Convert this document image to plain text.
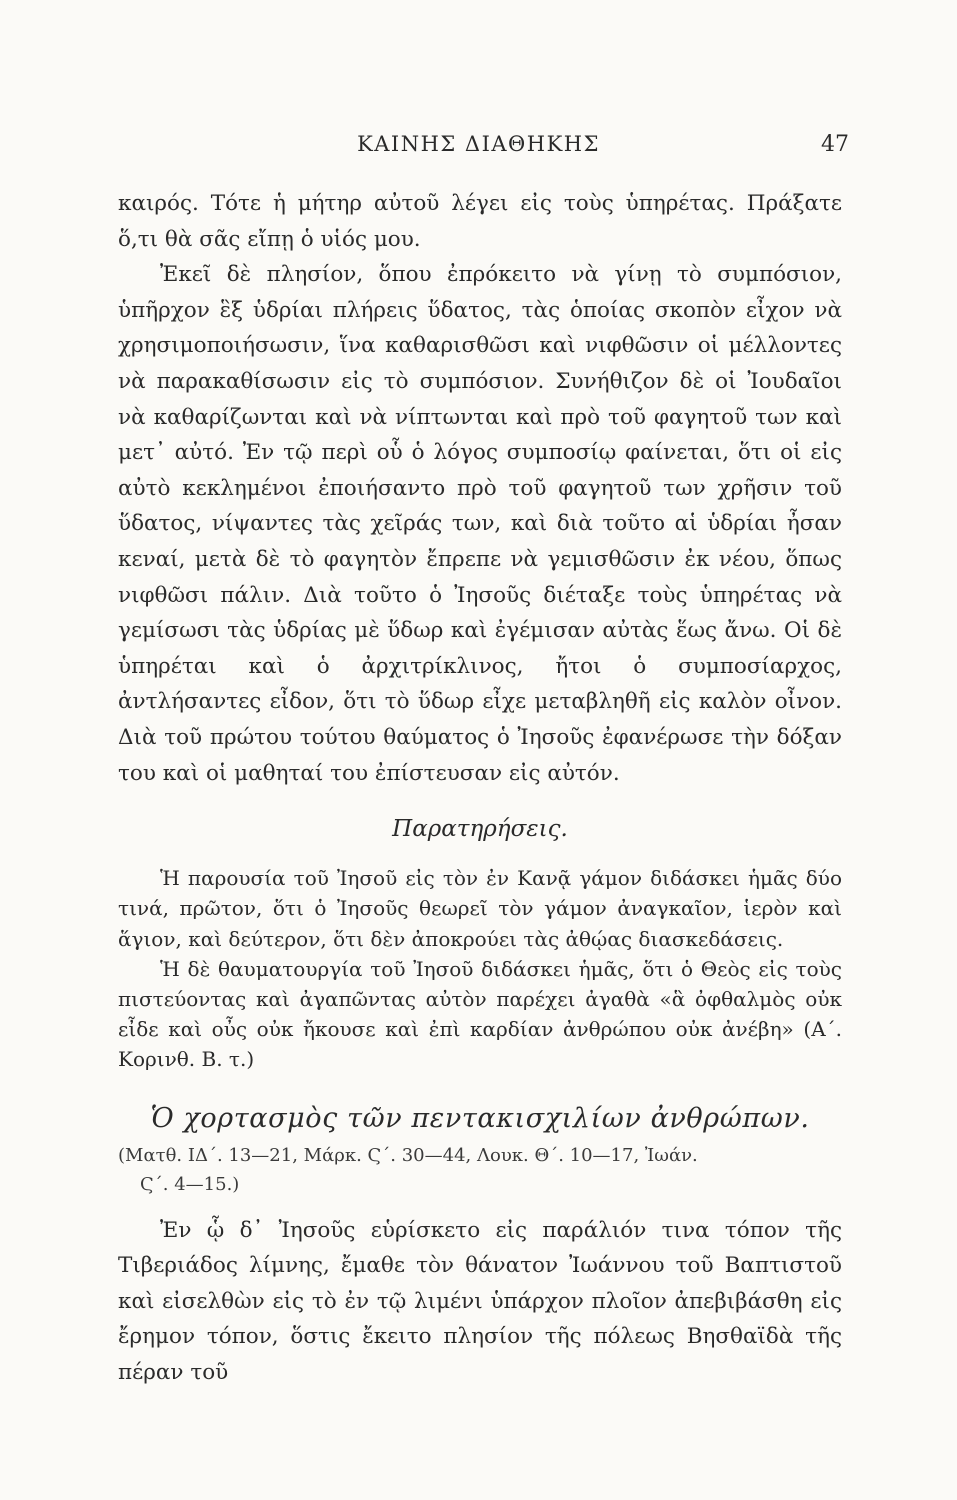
ΚΑΙΝΗΣ ΔΙΑΘΗΚΗΣ	47

καιρός. Τότε ἡ μήτηρ αὐτοῦ λέγει εἰς τοὺς ὑπηρέτας. Πράξατε ὅ,τι θὰ σᾶς εἴπῃ ὁ υἱός μου.

Ἐκεῖ δὲ πλησίον, ὅπου ἐπρόκειτο νὰ γίνῃ τὸ συμπόσιον, ὑπῆρχον ἓξ ὑδρίαι πλήρεις ὕδατος, τὰς ὁποίας σκοπὸν εἶχον νὰ χρησιμοποιήσωσιν, ἵνα καθαρισθῶσι καὶ νιφθῶσιν οἱ μέλλοντες νὰ παρακαθίσωσιν εἰς τὸ συμπόσιον. Συνήθιζον δὲ οἱ Ἰουδαῖοι νὰ καθαρίζωνται καὶ νὰ νίπτωνται καὶ πρὸ τοῦ φαγητοῦ των καὶ μετ᾽ αὐτό. Ἐν τῷ περὶ οὗ ὁ λόγος συμποσίῳ φαίνεται, ὅτι οἱ εἰς αὐτὸ κεκλημένοι ἐποιήσαντο πρὸ τοῦ φαγητοῦ των χρῆσιν τοῦ ὕδατος, νίψαντες τὰς χεῖράς των, καὶ διὰ τοῦτο αἱ ὑδρίαι ἦσαν κεναί, μετὰ δὲ τὸ φαγητὸν ἔπρεπε νὰ γεμισθῶσιν ἐκ νέου, ὅπως νιφθῶσι πάλιν. Διὰ τοῦτο ὁ Ἰησοῦς διέταξε τοὺς ὑπηρέτας νὰ γεμίσωσι τὰς ὑδρίας μὲ ὕδωρ καὶ ἐγέμισαν αὐτὰς ἕως ἄνω. Οἱ δὲ ὑπηρέται καὶ ὁ ἀρχιτρίκλινος, ἤτοι ὁ συμποσίαρχος, ἀντλήσαντες εἶδον, ὅτι τὸ ὕδωρ εἶχε μεταβληθῆ εἰς καλὸν οἶνον. Διὰ τοῦ πρώτου τούτου θαύματος ὁ Ἰησοῦς ἐφανέρωσε τὴν δόξαν του καὶ οἱ μαθηταί του ἐπίστευσαν εἰς αὐτόν.

Παρατηρήσεις.

Ἡ παρουσία τοῦ Ἰησοῦ εἰς τὸν ἐν Κανᾷ γάμον διδάσκει ἡμᾶς δύο τινά, πρῶτον, ὅτι ὁ Ἰησοῦς θεωρεῖ τὸν γάμον ἀναγκαῖον, ἱερὸν καὶ ἅγιον, καὶ δεύτερον, ὅτι δὲν ἀποκρούει τὰς ἀθῴας διασκεδάσεις.

Ἡ δὲ θαυματουργία τοῦ Ἰησοῦ διδάσκει ἡμᾶς, ὅτι ὁ Θεὸς εἰς τοὺς πιστεύοντας καὶ ἀγαπῶντας αὐτὸν παρέχει ἀγαθὰ «ἃ ὀφθαλμὸς οὐκ εἶδε καὶ οὖς οὐκ ἤκουσε καὶ ἐπὶ καρδίαν ἀνθρώπου οὐκ ἀνέβη» (Α´. Κορινθ. Β. τ.)

Ὁ χορτασμὸς τῶν πεντακισχιλίων ἀνθρώπων.
(Ματθ. ΙΔ´. 13—21, Μάρκ. Ϛ´. 30—44, Λουκ. Θ´. 10—17, Ἰωάν.
Ϛ´. 4—15.)

Ἐν ᾧ δ᾽ Ἰησοῦς εὑρίσκετο εἰς παράλιόν τινα τόπον τῆς Τιβεριάδος λίμνης, ἔμαθε τὸν θάνατον Ἰωάννου τοῦ Βαπτιστοῦ καὶ εἰσελθὼν εἰς τὸ ἐν τῷ λιμένι ὑπάρχον πλοῖον ἀπεβιβάσθη εἰς ἔρημον τόπον, ὅστις ἔκειτο πλησίον τῆς πόλεως Βησθαϊδὰ τῆς πέραν τοῦ
